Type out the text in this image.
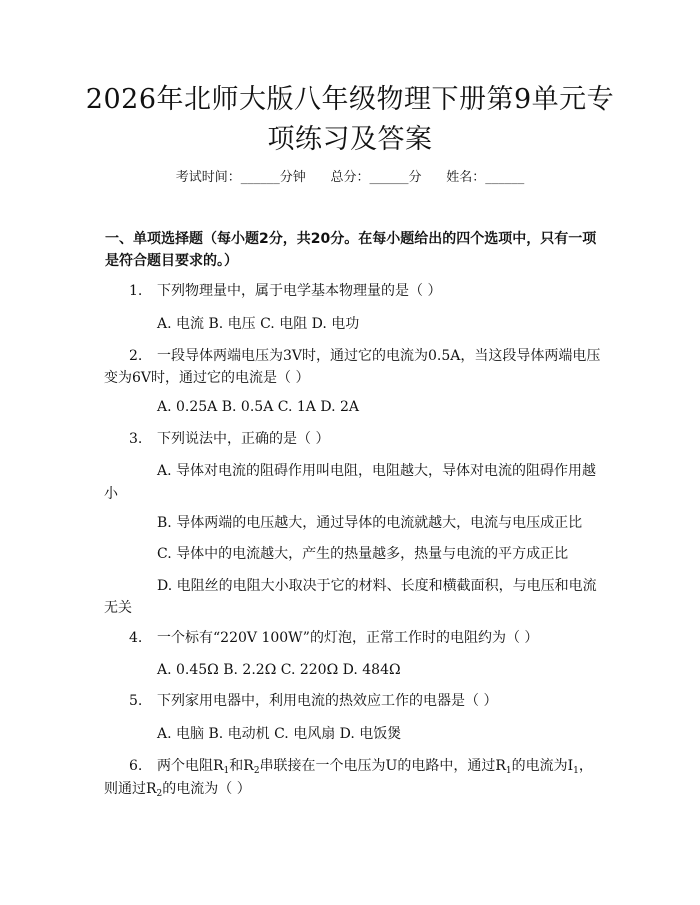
2026年北师大版八年级物理下册第9单元专
项练习及答案
考试时间：______分钟      总分：______分      姓名：______
一、单项选择题（每小题2分，共20分。在每小题给出的四个选项中，只有一项
是符合题目要求的。）
1. 下列物理量中，属于电学基本物理量的是（ ）
A. 电流 B. 电压 C. 电阻 D. 电功
2. 一段导体两端电压为3V时，通过它的电流为0.5A，当这段导体两端电压
变为6V时，通过它的电流是（ ）
A. 0.25A B. 0.5A C. 1A D. 2A
3. 下列说法中，正确的是（ ）
A. 导体对电流的阻碍作用叫电阻，电阻越大，导体对电流的阻碍作用越
小
B. 导体两端的电压越大，通过导体的电流就越大，电流与电压成正比
C. 导体中的电流越大，产生的热量越多，热量与电流的平方成正比
D. 电阻丝的电阻大小取决于它的材料、长度和横截面积，与电压和电流
无关
4. 一个标有“220V 100W”的灯泡，正常工作时的电阻约为（ ）
A. 0.45Ω B. 2.2Ω C. 220Ω D. 484Ω
5. 下列家用电器中，利用电流的热效应工作的电器是（ ）
A. 电脑 B. 电动机 C. 电风扇 D. 电饭煲
6. 两个电阻$R_1$和$R_2$串联接在一个电压为U的电路中，通过$R_1$的电流为$I_1$，
则通过$R_2$的电流为（ ）
